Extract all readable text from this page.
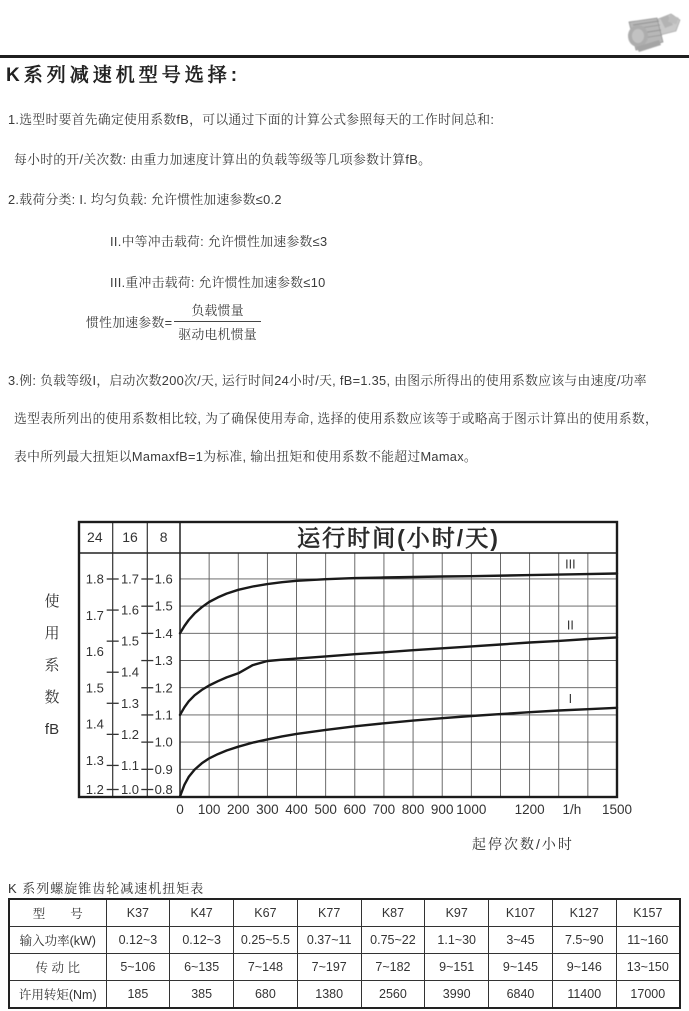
K系列减速机型号选择:
1.选型时要首先确定使用系数fB，可以通过下面的计算公式参照每天的工作时间总和:
每小时的开/关次数: 由重力加速度计算出的负载等级等几项参数计算fB。
2.载荷分类: I. 均匀负载: 允许惯性加速参数≤0.2
II.中等冲击载荷: 允许惯性加速参数≤3
III.重冲击载荷: 允许惯性加速参数≤10
惯性加速参数= $\frac{\text{负载惯量}}{\text{驱动电机惯量}}$
3.例: 负载等级I，启动次数200次/天, 运行时间24小时/天, fB=1.35, 由图示所得出的使用系数应该与由速度/功率
选型表所列出的使用系数相比较, 为了确保使用寿命, 选择的使用系数应该等于或略高于图示计算出的使用系数，
表中所列最大扭矩以MamaxfB=1为标准, 输出扭矩和使用系数不能超过Mamax。
24
1.8
1.7
1.6
1.5
1.4
1.3
1.2
16
1.7
1.6
1.5
1.4
1.3
1.2
1.1
1.0
8
1.6
1.5
1.4
1.3
1.2
1.1
1.0
0.9
0.8
运行时间(小时/天)
III
II
I
0 100 200 300 400 500 600 700 800 900 1000 1200 1/h 1500
起停次数/小时
使
用
系
数
fB
K 系列螺旋锥齿轮减速机扭矩表
型　　号	K37	K47	K67	K77	K87	K97	K107	K127	K157
输入功率(kW)	0.12~3	0.12~3	0.25~5.5	0.37~11	0.75~22	1.1~30	3~45	7.5~90	11~160
传 动 比	5~106	6~135	7~148	7~197	7~182	9~151	9~145	9~146	13~150
许用转矩(Nm)	185	385	680	1380	2560	3990	6840	11400	17000
